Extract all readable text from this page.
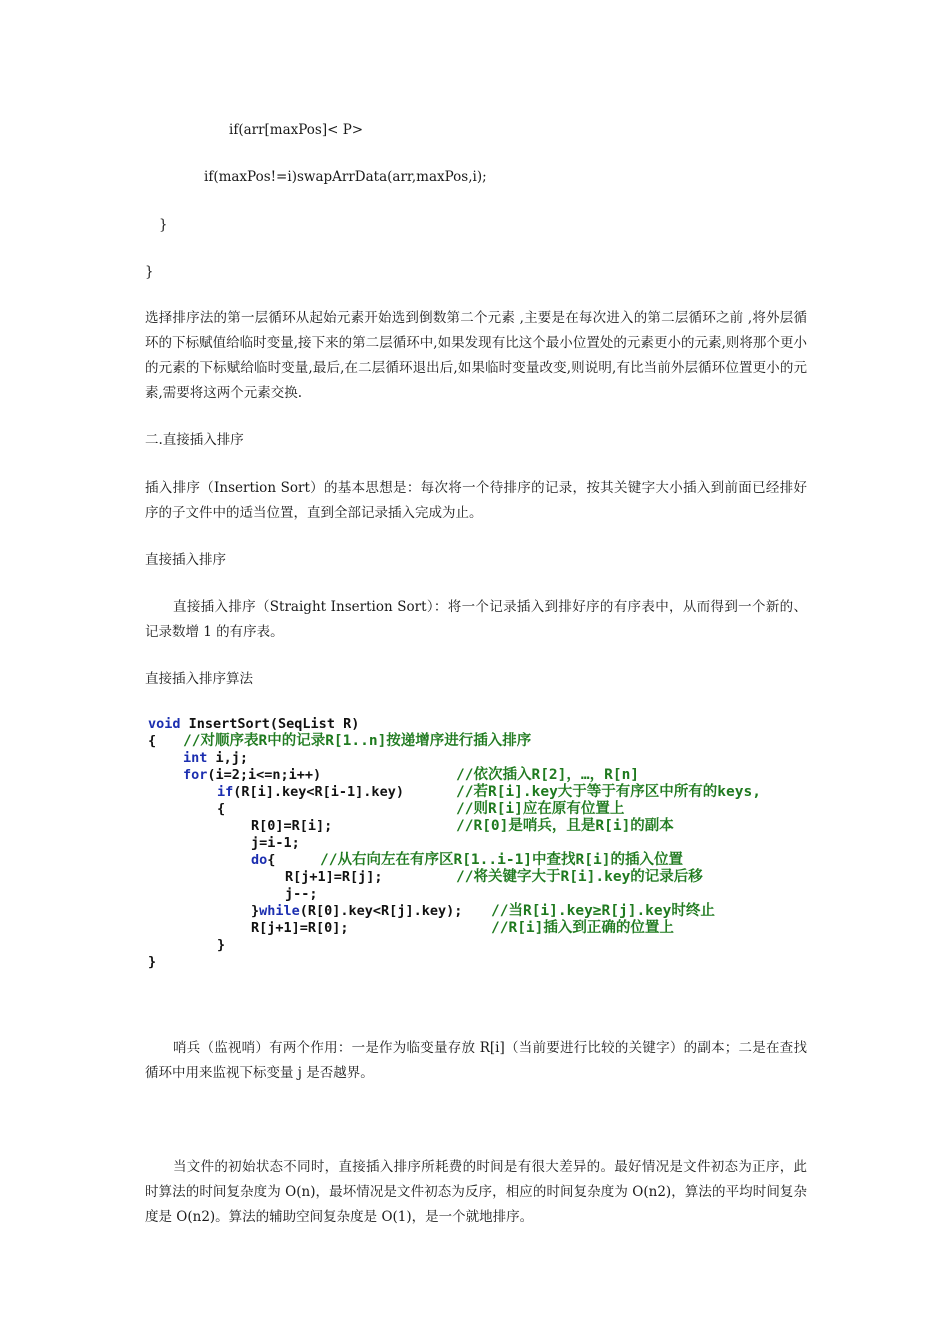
if(arr[maxPos]< P>
if(maxPos!=i)swapArrData(arr,maxPos,i);
}
}
选择排序法的第一层循环从起始元素开始选到倒数第二个元素 ,主要是在每次进入的第二层循环之前 ,将外层循环的下标赋值给临时变量,接下来的第二层循环中,如果发现有比这个最小位置处的元素更小的元素,则将那个更小的元素的下标赋给临时变量,最后,在二层循环退出后,如果临时变量改变,则说明,有比当前外层循环位置更小的元素,需要将这两个元素交换.
二.直接插入排序
插入排序（Insertion Sort）的基本思想是：每次将一个待排序的记录，按其关键字大小插入到前面已经排好序的子文件中的适当位置，直到全部记录插入完成为止。
直接插入排序
直接插入排序（Straight Insertion Sort）：将一个记录插入到排好序的有序表中，从而得到一个新的、记录数增 1 的有序表。
直接插入排序算法
void InsertSort(SeqList R)
{ //对顺序表R中的记录R[1..n]按递增序进行插入排序
int i,j;
for(i=2;i<=n;i++)	//依次插入R[2]，…，R[n]
if(R[i].key<R[i-1].key)	//若R[i].key大于等于有序区中所有的keys,
{	//则R[i]应在原有位置上
R[0]=R[i];	//R[0]是哨兵，且是R[i]的副本
j=i-1;
do{	//从右向左在有序区R[1..i-1]中查找R[i]的插入位置
R[j+1]=R[j];	//将关键字大于R[i].key的记录后移
j--;
}while(R[0].key<R[j].key); //当R[i].key≥R[j].key时终止
R[j+1]=R[0];	//R[i]插入到正确的位置上
}
}
哨兵（监视哨）有两个作用：一是作为临变量存放 R[i]（当前要进行比较的关键字）的副本；二是在查找循环中用来监视下标变量 j 是否越界。
当文件的初始状态不同时，直接插入排序所耗费的时间是有很大差异的。最好情况是文件初态为正序，此时算法的时间复杂度为 O(n)，最坏情况是文件初态为反序，相应的时间复杂度为 O(n2)，算法的平均时间复杂度是 O(n2)。算法的辅助空间复杂度是 O(1)，是一个就地排序。
